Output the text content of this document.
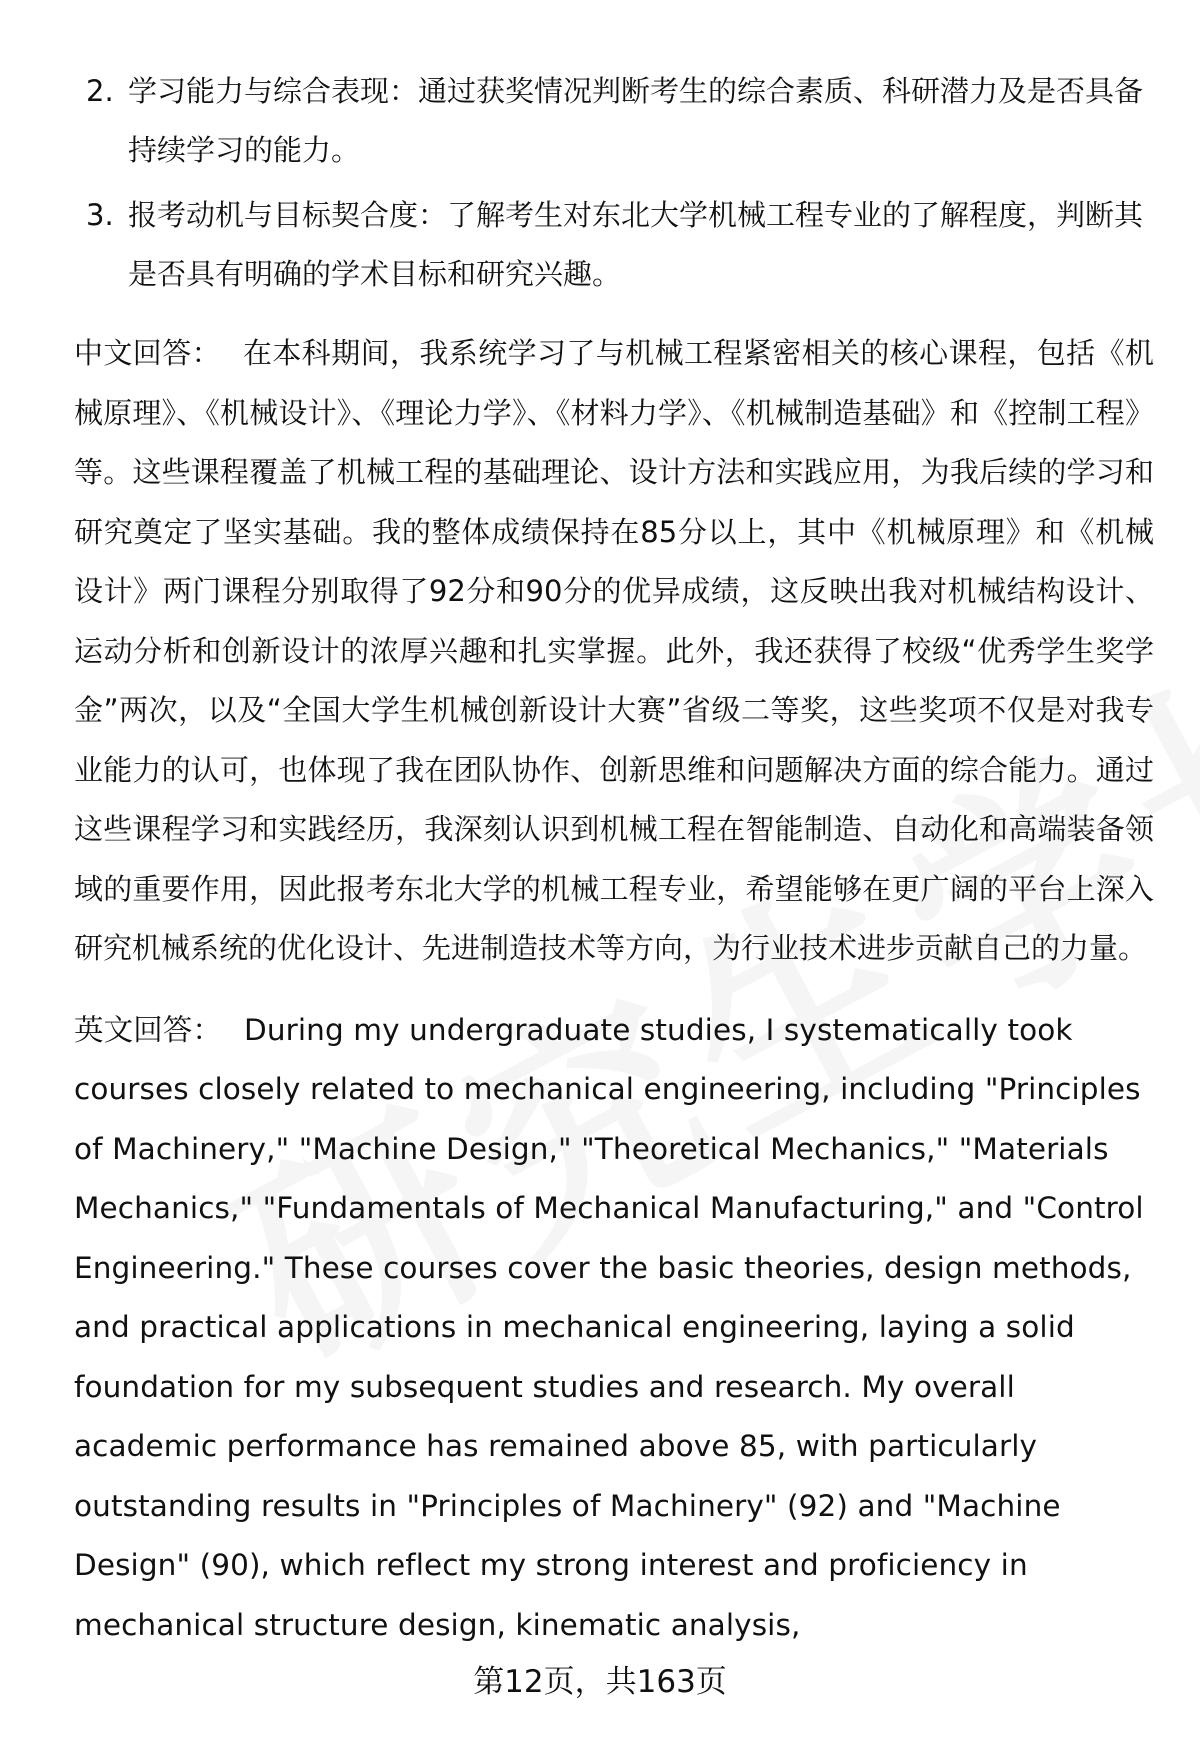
2. 学习能力与综合表现：通过获奖情况判断考生的综合素质、科研潜力及是否具备持续学习的能力。
3. 报考动机与目标契合度：了解考生对东北大学机械工程专业的了解程度，判断其是否具有明确的学术目标和研究兴趣。

中文回答： 在本科期间，我系统学习了与机械工程紧密相关的核心课程，包括《机械原理》、《机械设计》、《理论力学》、《材料力学》、《机械制造基础》和《控制工程》等。这些课程覆盖了机械工程的基础理论、设计方法和实践应用，为我后续的学习和研究奠定了坚实基础。我的整体成绩保持在85分以上，其中《机械原理》和《机械设计》两门课程分别取得了92分和90分的优异成绩，这反映出我对机械结构设计、运动分析和创新设计的浓厚兴趣和扎实掌握。此外，我还获得了校级“优秀学生奖学金”两次，以及“全国大学生机械创新设计大赛”省级二等奖，这些奖项不仅是对我专业能力的认可，也体现了我在团队协作、创新思维和问题解决方面的综合能力。通过这些课程学习和实践经历，我深刻认识到机械工程在智能制造、自动化和高端装备领域的重要作用，因此报考东北大学的机械工程专业，希望能够在更广阔的平台上深入研究机械系统的优化设计、先进制造技术等方向，为行业技术进步贡献自己的力量。

英文回答： During my undergraduate studies, I systematically took courses closely related to mechanical engineering, including "Principles of Machinery," "Machine Design," "Theoretical Mechanics," "Materials Mechanics," "Fundamentals of Mechanical Manufacturing," and "Control Engineering." These courses cover the basic theories, design methods, and practical applications in mechanical engineering, laying a solid foundation for my subsequent studies and research. My overall academic performance has remained above 85, with particularly outstanding results in "Principles of Machinery" (92) and "Machine Design" (90), which reflect my strong interest and proficiency in mechanical structure design, kinematic analysis,

第12页，共163页
